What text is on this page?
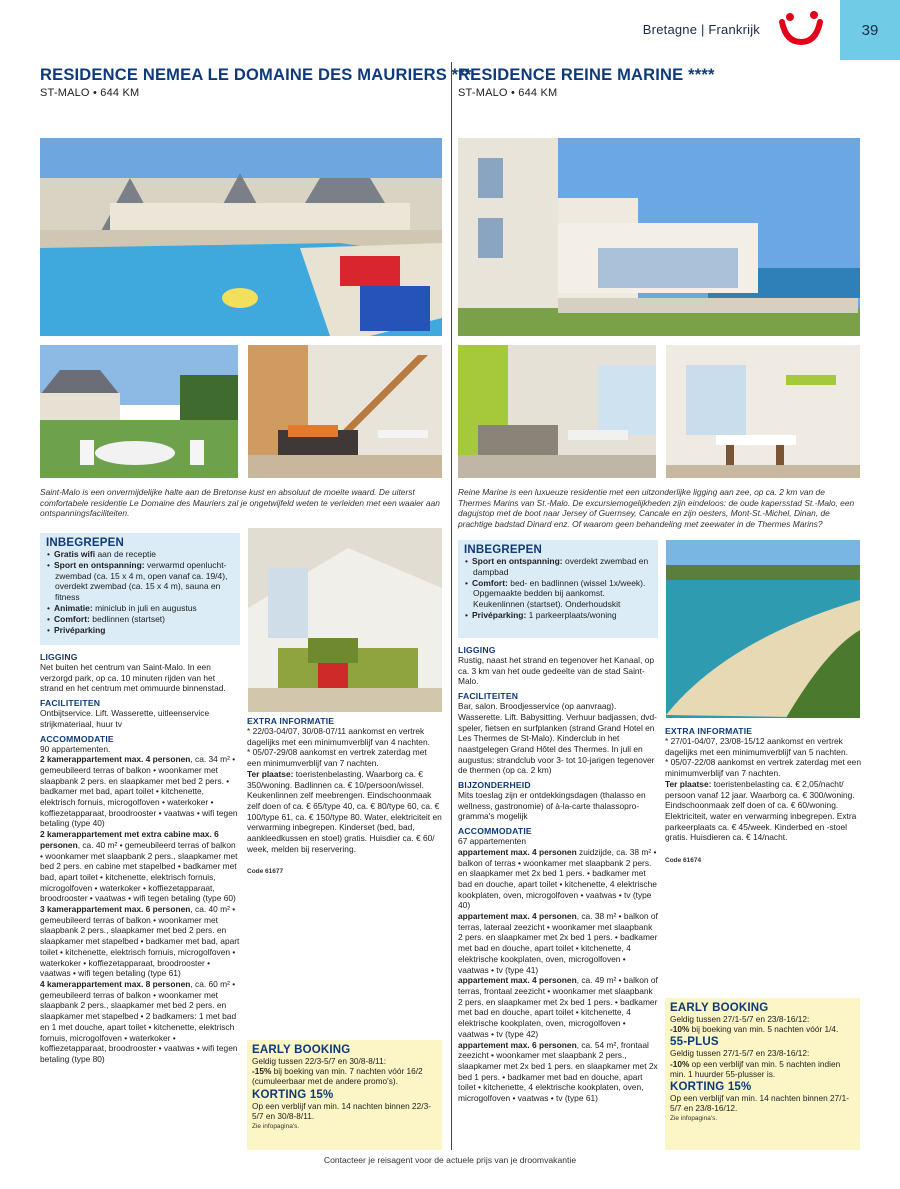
Bretagne | Frankrijk	39
RESIDENCE NEMEA LE DOMAINE DES MAURIERS ***
ST-MALO • 644 KM
Saint-Malo is een onvermijdelijke halte aan de Bretonse kust en absoluut de moeite waard. De uiterst comfortabele residentie Le Domaine des Mauriers zal je ongetwijfeld weten te verleiden met een waaier aan ontspanningsfaciliteiten.
INBEGREPEN
• Gratis wifi aan de receptie
• Sport en ontspanning: verwarmd openlucht-zwembad (ca. 15 x 4 m, open vanaf ca. 19/4), overdekt zwembad (ca. 15 x 4 m), sauna en fitness
• Animatie: miniclub in juli en augustus
• Comfort: bedlinnen (startset)
• Privéparking
LIGGING
Net buiten het centrum van Saint-Malo. In een verzorgd park, op ca. 10 minuten rijden van het strand en het centrum met ommuurde binnenstad.
FACILITEITEN
Ontbijtservice. Lift. Wasserette, uitleenservice strijkmateriaal, huur tv
ACCOMMODATIE
90 appartementen.
2 kamerappartement max. 4 personen, ca. 34 m² • gemeubileerd terras of balkon • woonkamer met slaapbank 2 pers. en slaapkamer met bed 2 pers. • badkamer met bad, apart toilet • kitchenette, elektrisch fornuis, microgolfoven • waterkoker • koffiezetapparaat, broodrooster • vaatwas • wifi tegen betaling (type 40)
2 kamerappartement met extra cabine max. 6 personen, ca. 40 m² • gemeubileerd terras of balkon • woonkamer met slaapbank 2 pers., slaapkamer met bed 2 pers. en cabine met stapelbed • badkamer met bad, apart toilet • kitchenette, elektrisch fornuis, microgolfoven • waterkoker • koffiezetapparaat, broodrooster • vaatwas • wifi tegen betaling (type 60)
3 kamerappartement max. 6 personen, ca. 40 m² • gemeubileerd terras of balkon • woonkamer met slaapbank 2 pers., slaapkamer met bed 2 pers. en slaapkamer met stapelbed • badkamer met bad, apart toilet • kitchenette, elektrisch fornuis, microgolfoven • waterkoker • koffiezetapparaat, broodrooster • vaatwas • wifi tegen betaling (type 61)
4 kamerappartement max. 8 personen, ca. 60 m² • gemeubileerd terras of balkon • woonkamer met slaapbank 2 pers., slaapkamer met bed 2 pers. en slaapkamer met stapelbed • 2 badkamers: 1 met bad en 1 met douche, apart toilet • kitchenette, elektrisch fornuis, microgolfoven • waterkoker • koffiezetapparaat, broodrooster • vaatwas • wifi tegen betaling (type 80)
EXTRA INFORMATIE
* 22/03-04/07, 30/08-07/11 aankomst en vertrek dagelijks met een minimumverblijf van 4 nachten.
* 05/07-29/08 aankomst en vertrek zaterdag met een minimumverblijf van 7 nachten.
Ter plaatse: toeristenbelasting. Waarborg ca. € 350/woning. Badlinnen ca. € 10/persoon/wissel. Keukenlinnen zelf meebrengen. Eindschoonmaak zelf doen of ca. € 65/type 40, ca. € 80/type 60, ca. € 100/type 61, ca. € 150/type 80. Water, elektriciteit en verwarming inbegrepen. Kinderset (bed, bad, aankleedkussen en stoel) gratis. Huisdier ca. € 60/ week, melden bij reservering.
Code 61677
EARLY BOOKING
Geldig tussen 22/3-5/7 en 30/8-8/11:
-15% bij boeking van min. 7 nachten vóór 16/2 (cumuleerbaar met de andere promo's).
KORTING 15%
Op een verblijf van min. 14 nachten binnen 22/3-5/7 en 30/8-8/11.
Zie infopagina's.
RESIDENCE REINE MARINE ****
ST-MALO • 644 KM
Reine Marine is een luxueuze residentie met een uitzonderlijke ligging aan zee, op ca. 2 km van de Thermes Marins van St.-Malo. De excursiemogelijkheden zijn eindeloos: de oude kapersstad St.-Malo, een dagujstop met de boot naar Jersey of Guernsey, Cancale en zijn oesters, Mont-St.-Michel, Dinan, de prachtige badstad Dinard enz. Of waarom geen behandeling met zeewater in de Thermes Marins?
INBEGREPEN
• Sport en ontspanning: overdekt zwembad en dampbad
• Comfort: bed- en badlinnen (wissel 1x/week). Opgemaakte bedden bij aankomst. Keukenlinnen (startset). Onderhoudskit
• Privéparking: 1 parkeerplaats/woning
LIGGING
Rustig, naast het strand en tegenover het Kanaal, op ca. 3 km van het oude gedeelte van de stad Saint-Malo.
FACILITEITEN
Bar, salon. Broodjesservice (op aanvraag). Wasserette. Lift. Babysitting. Verhuur badjassen, dvd-speler, fietsen en surfplanken (strand Grand Hotel en Les Thermes de St-Malo). Kinderclub in het naastgelegen Grand Hôtel des Thermes. In juli en augustus: strandclub voor 3- tot 10-jarigen tegenover de thermen (op ca. 2 km)
BIJZONDERHEID
Mits toeslag zijn er ontdekkingsdagen (thalasso en wellness, gastronomie) of à-la-carte thalassopro-gramma's mogelijk
ACCOMMODATIE
67 appartementen
appartement max. 4 personen zuidzijde, ca. 38 m² • balkon of terras • woonkamer met slaapbank 2 pers. en slaapkamer met 2x bed 1 pers. • badkamer met bad en douche, apart toilet • kitchenette, 4 elektrische kookplaten, oven, microgolfoven • vaatwas • tv (type 40)
appartement max. 4 personen, ca. 38 m² • balkon of terras, lateraal zeezicht • woonkamer met slaapbank 2 pers. en slaapkamer met 2x bed 1 pers. • badkamer met bad en douche, apart toilet • kitchenette, 4 elektrische kookplaten, oven, microgolfoven • vaatwas • tv (type 41)
appartement max. 4 personen, ca. 49 m² • balkon of terras, frontaal zeezicht • woonkamer met slaapbank 2 pers. en slaapkamer met 2x bed 1 pers. • badkamer met bad en douche, apart toilet • kitchenette, 4 elektrische kookplaten, oven, microgolfoven • vaatwas • tv (type 42)
appartement max. 6 personen, ca. 54 m², frontaal zeezicht • woonkamer met slaapbank 2 pers., slaapkamer met 2x bed 1 pers. en slaapkamer met 2x bed 1 pers. • badkamer met bad en douche, apart toilet • kitchenette, 4 elektrische kookplaten, oven, microgolfoven • vaatwas • tv (type 61)
EXTRA INFORMATIE
* 27/01-04/07, 23/08-15/12 aankomst en vertrek dagelijks met een minimumverblijf van 5 nachten.
* 05/07-22/08 aankomst en vertrek zaterdag met een minimumverblijf van 7 nachten.
Ter plaatse: toeristenbelasting ca. € 2,05/nacht/ persoon vanaf 12 jaar. Waarborg ca. € 300/woning. Eindschoonmaak zelf doen of ca. € 60/woning. Elektriciteit, water en verwarming inbegrepen. Extra parkeerplaats ca. € 45/week. Kinderbed en -stoel gratis. Huisdieren ca. € 14/nacht.
Code 61674
EARLY BOOKING
Geldig tussen 27/1-5/7 en 23/8-16/12:
-10% bij boeking van min. 5 nachten vóór 1/4.
55-PLUS
Geldig tussen 27/1-5/7 en 23/8-16/12:
-10% op een verblijf van min. 5 nachten indien min. 1 huurder 55-plusser is.
KORTING 15%
Op een verblijf van min. 14 nachten binnen 27/1-5/7 en 23/8-16/12.
Zie infopagina's.
Contacteer je reisagent voor de actuele prijs van je droomvakantie
